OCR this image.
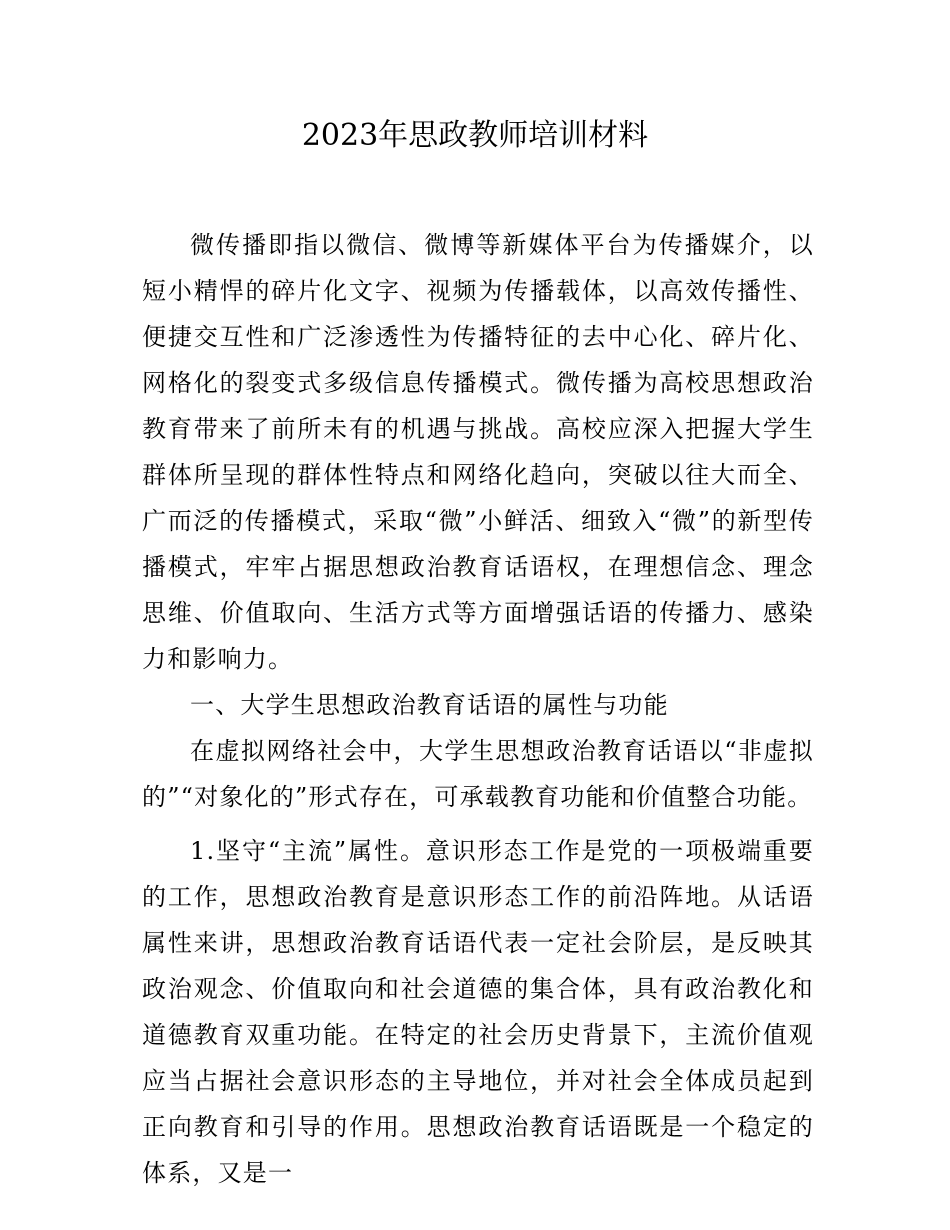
2023年思政教师培训材料

微传播即指以微信、微博等新媒体平台为传播媒介，以短小精悍的碎片化文字、视频为传播载体，以高效传播性、便捷交互性和广泛渗透性为传播特征的去中心化、碎片化、网格化的裂变式多级信息传播模式。微传播为高校思想政治教育带来了前所未有的机遇与挑战。高校应深入把握大学生群体所呈现的群体性特点和网络化趋向，突破以往大而全、广而泛的传播模式，采取“微”小鲜活、细致入“微”的新型传播模式，牢牢占据思想政治教育话语权，在理想信念、理念思维、价值取向、生活方式等方面增强话语的传播力、感染力和影响力。

一、大学生思想政治教育话语的属性与功能

在虚拟网络社会中，大学生思想政治教育话语以“非虚拟的”“对象化的”形式存在，可承载教育功能和价值整合功能。

1.坚守“主流”属性。意识形态工作是党的一项极端重要的工作，思想政治教育是意识形态工作的前沿阵地。从话语属性来讲，思想政治教育话语代表一定社会阶层，是反映其政治观念、价值取向和社会道德的集合体，具有政治教化和道德教育双重功能。在特定的社会历史背景下，主流价值观应当占据社会意识形态的主导地位，并对社会全体成员起到正向教育和引导的作用。思想政治教育话语既是一个稳定的体系，又是一
